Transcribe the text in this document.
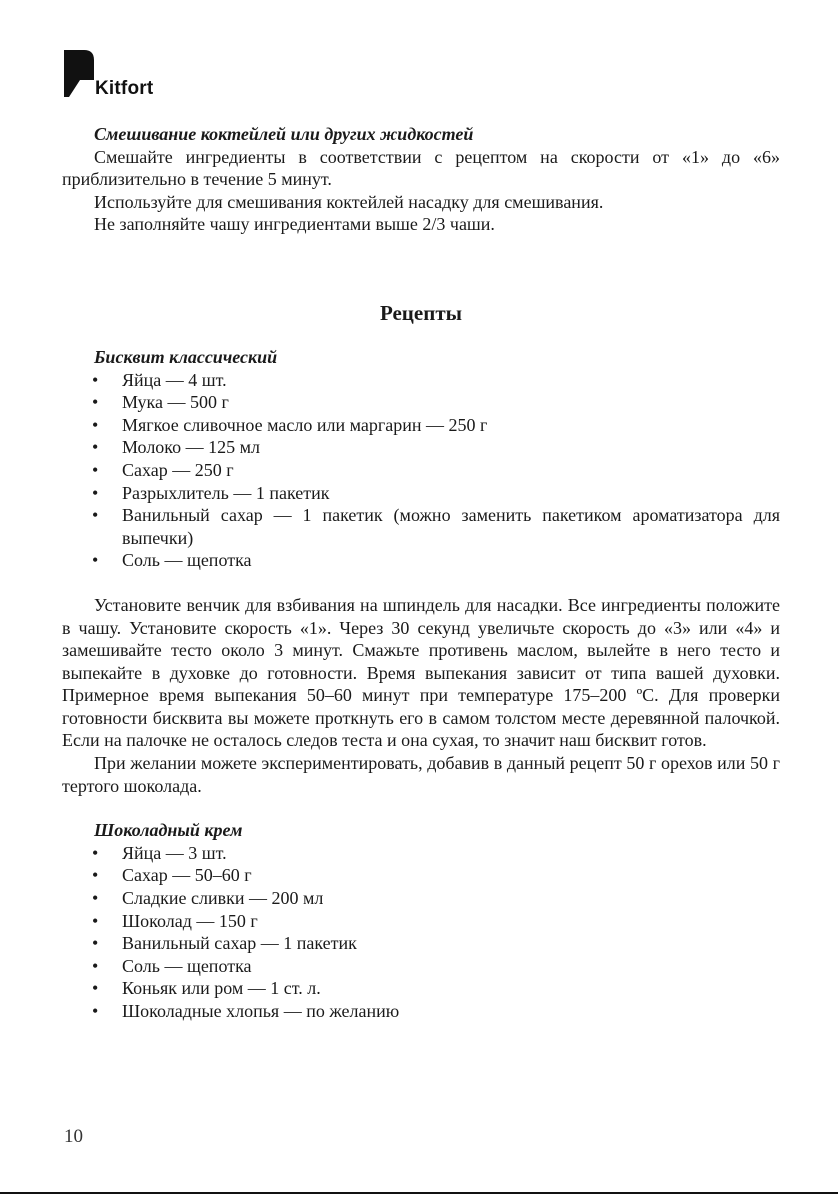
Kitfort

Смешивание коктейлей или других жидкостей

Смешайте ингредиенты в соответствии с рецептом на скорости от «1» до «6» приблизительно в течение 5 минут.

Используйте для смешивания коктейлей насадку для смешивания.

Не заполняйте чашу ингредиентами выше 2/3 чаши.

Рецепты

Бисквит классический

• Яйца — 4 шт.
• Мука — 500 г
• Мягкое сливочное масло или маргарин — 250 г
• Молоко — 125 мл
• Сахар — 250 г
• Разрыхлитель — 1 пакетик
• Ванильный сахар — 1 пакетик (можно заменить пакетиком ароматизатора для выпечки)
• Соль — щепотка

Установите венчик для взбивания на шпиндель для насадки. Все ингредиенты положите в чашу. Установите скорость «1». Через 30 секунд увеличьте скорость до «3» или «4» и замешивайте тесто около 3 минут. Смажьте противень маслом, вылейте в него тесто и выпекайте в духовке до готовности. Время выпекания зависит от типа вашей духовки. Примерное время выпекания 50–60 минут при температуре 175–200 ºС. Для проверки готовности бисквита вы можете проткнуть его в самом толстом месте деревянной палочкой. Если на палочке не осталось следов теста и она сухая, то значит наш бисквит готов.

При желании можете экспериментировать, добавив в данный рецепт 50 г орехов или 50 г тертого шоколада.

Шоколадный крем

• Яйца — 3 шт.
• Сахар — 50–60 г
• Сладкие сливки — 200 мл
• Шоколад — 150 г
• Ванильный сахар — 1 пакетик
• Соль — щепотка
• Коньяк или ром — 1 ст. л.
• Шоколадные хлопья — по желанию
10
